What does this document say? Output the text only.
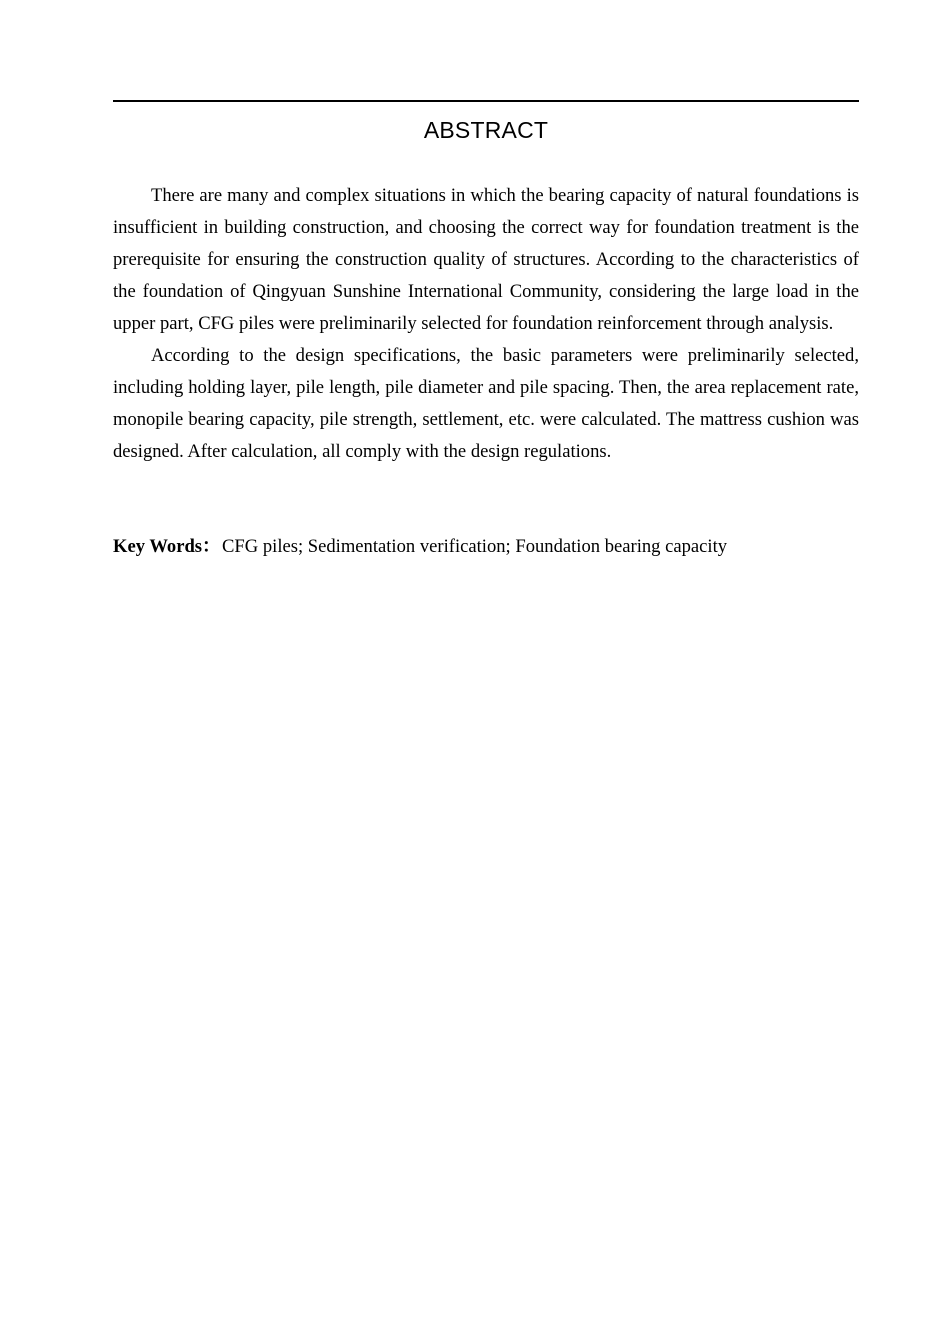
ABSTRACT

There are many and complex situations in which the bearing capacity of natural foundations is insufficient in building construction, and choosing the correct way for foundation treatment is the prerequisite for ensuring the construction quality of structures. According to the characteristics of the foundation of Qingyuan Sunshine International Community, considering the large load in the upper part, CFG piles were preliminarily selected for foundation reinforcement through analysis.

According to the design specifications, the basic parameters were preliminarily selected, including holding layer, pile length, pile diameter and pile spacing. Then, the area replacement rate, monopile bearing capacity, pile strength, settlement, etc. were calculated. The mattress cushion was designed. After calculation, all comply with the design regulations.

Key Words：CFG piles; Sedimentation verification; Foundation bearing capacity
